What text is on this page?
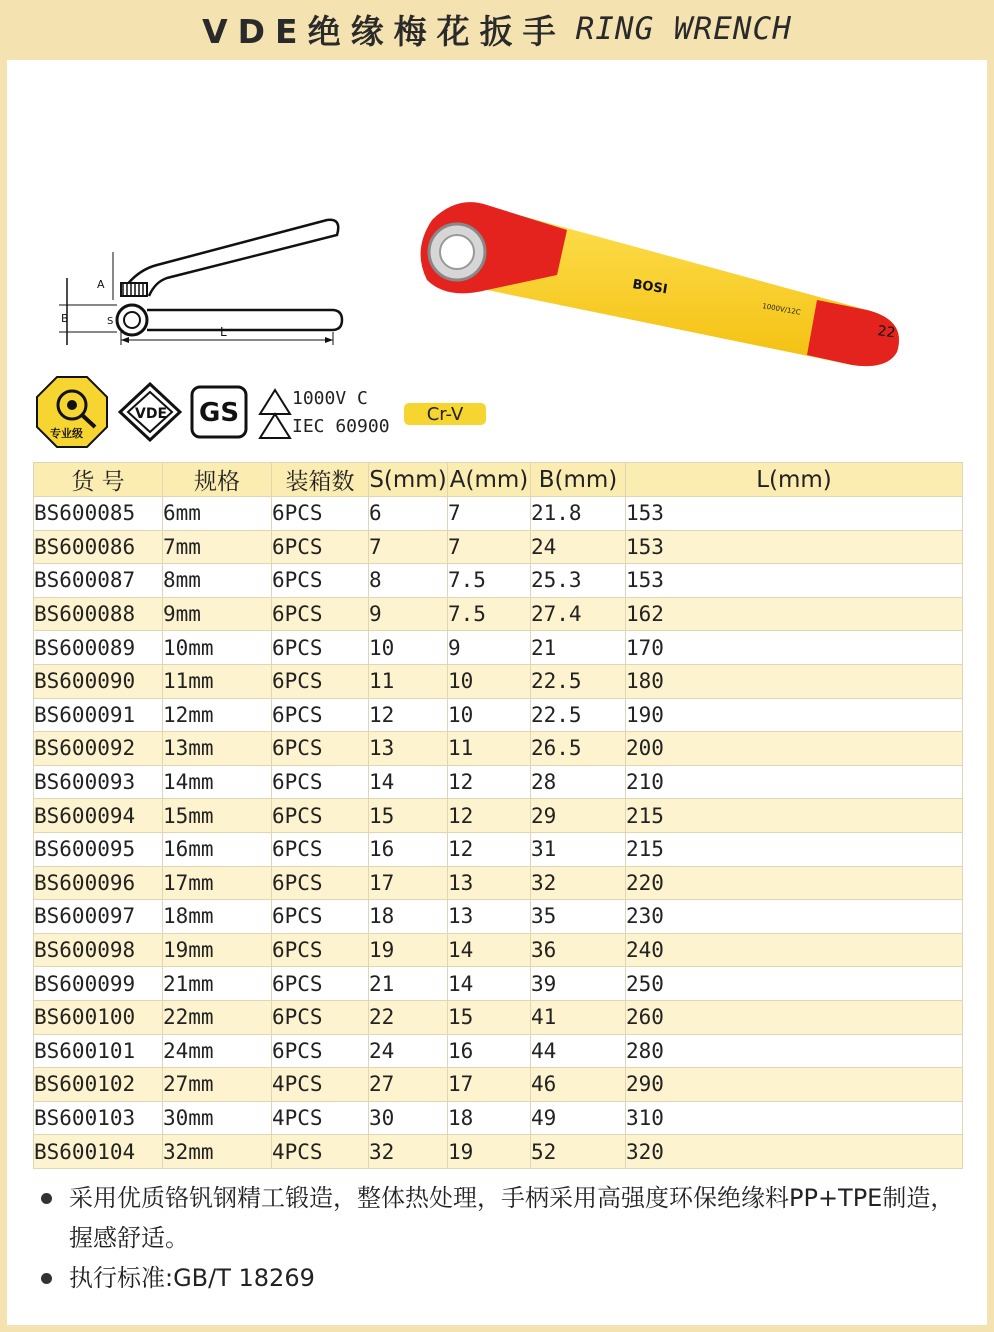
VDE绝缘梅花扳手 RING WRENCH
L
B
A
S
BOSI
1000V/12C
22
专业级
VDE GS	1000V C
IEC 60900
Cr-V
货 号	规格	装箱数	S(mm)	A(mm)	B(mm)	L(mm)
BS600085	6mm	6PCS	6	7	21.8	153
BS600086	7mm	6PCS	7	7	24	153
BS600087	8mm	6PCS	8	7.5	25.3	153
BS600088	9mm	6PCS	9	7.5	27.4	162
BS600089	10mm	6PCS	10	9	21	170
BS600090	11mm	6PCS	11	10	22.5	180
BS600091	12mm	6PCS	12	10	22.5	190
BS600092	13mm	6PCS	13	11	26.5	200
BS600093	14mm	6PCS	14	12	28	210
BS600094	15mm	6PCS	15	12	29	215
BS600095	16mm	6PCS	16	12	31	215
BS600096	17mm	6PCS	17	13	32	220
BS600097	18mm	6PCS	18	13	35	230
BS600098	19mm	6PCS	19	14	36	240
BS600099	21mm	6PCS	21	14	39	250
BS600100	22mm	6PCS	22	15	41	260
BS600101	24mm	6PCS	24	16	44	280
BS600102	27mm	4PCS	27	17	46	290
BS600103	30mm	4PCS	30	18	49	310
BS600104	32mm	4PCS	32	19	52	320
采用优质铬钒钢精工锻造，整体热处理，手柄采用高强度环保绝缘料PP+TPE制造，握感舒适。
执行标准:GB/T 18269
